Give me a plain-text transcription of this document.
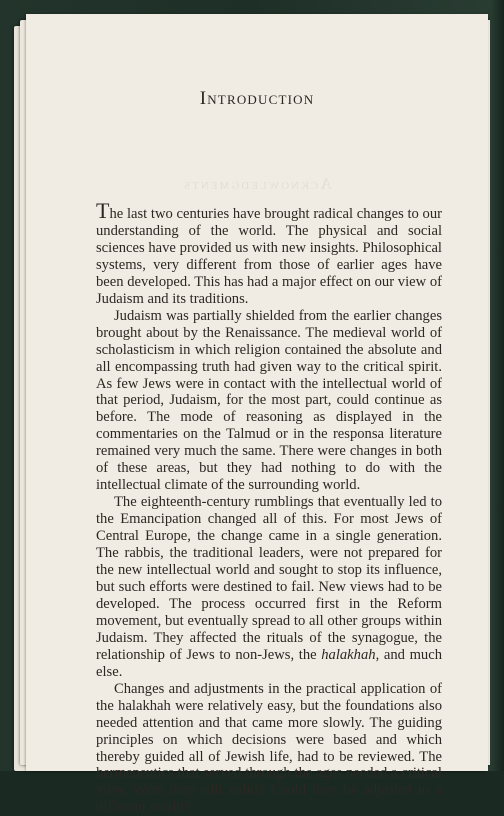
Introduction
Acknowledgments

The last two centuries have brought radical changes to our understanding of the world. The physical and social sciences have provided us with new insights. Philosophical systems, very different from those of earlier ages have been developed. This has had a major effect on our view of Judaism and its traditions.

Judaism was partially shielded from the earlier changes brought about by the Renaissance. The medieval world of scholasticism in which religion contained the absolute and all encompassing truth had given way to the critical spirit. As few Jews were in contact with the intellectual world of that period, Judaism, for the most part, could continue as before. The mode of reasoning as displayed in the commentaries on the Talmud or in the responsa literature remained very much the same. There were changes in both of these areas, but they had nothing to do with the intellectual climate of the surrounding world.

The eighteenth-century rumblings that eventually led to the Emancipation changed all of this. For most Jews of Central Europe, the change came in a single generation. The rabbis, the traditional leaders, were not prepared for the new intellectual world and sought to stop its influence, but such efforts were destined to fail. New views had to be developed. The process occurred first in the Reform movement, but eventually spread to all other groups within Judaism. They affected the rituals of the synagogue, the relationship of Jews to non-Jews, the halakhah, and much else.

Changes and adjustments in the practical application of the halakhah were relatively easy, but the foundations also needed attention and that came more slowly. The guiding principles on which decisions were based and which thereby guided all of Jewish life, had to be reviewed. The hermeneutics that served through the ages needed a critical view. Were they still valid? Could they be adjusted to a different world?
